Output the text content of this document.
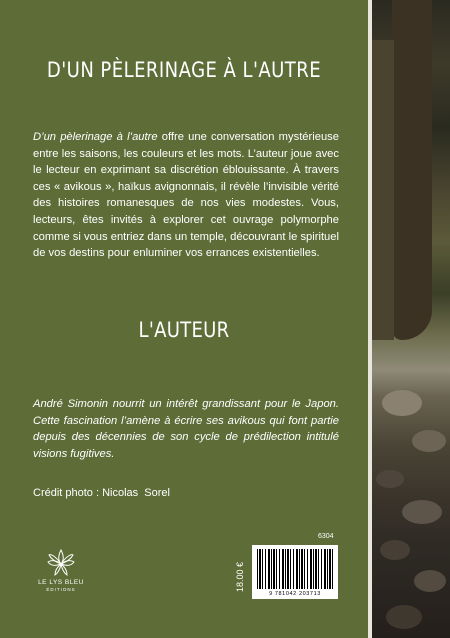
D'UN PÈLERINAGE À L'AUTRE
D’un pèlerinage à l’autre offre une conversation mystérieuse entre les saisons, les couleurs et les mots. L’auteur joue avec le lecteur en exprimant sa discrétion éblouissante. À travers ces « avikous », haïkus avignonnais, il révèle l’invisible vérité des histoires romanesques de nos vies modestes. Vous, lecteurs, êtes invités à explorer cet ouvrage polymorphe comme si vous entriez dans un temple, découvrant le spirituel de vos destins pour enluminer vos errances existentielles.
L'AUTEUR
André Simonin nourrit un intérêt grandissant pour le Japon. Cette fascination l’amène à écrire ses avikous qui font partie depuis des décennies de son cycle de prédilection intitulé visions fugitives.
Crédit photo : Nicolas  Sorel
LE LYS BLEU
ÉDITIONS
6304
18.00 €
9 781042 203713
